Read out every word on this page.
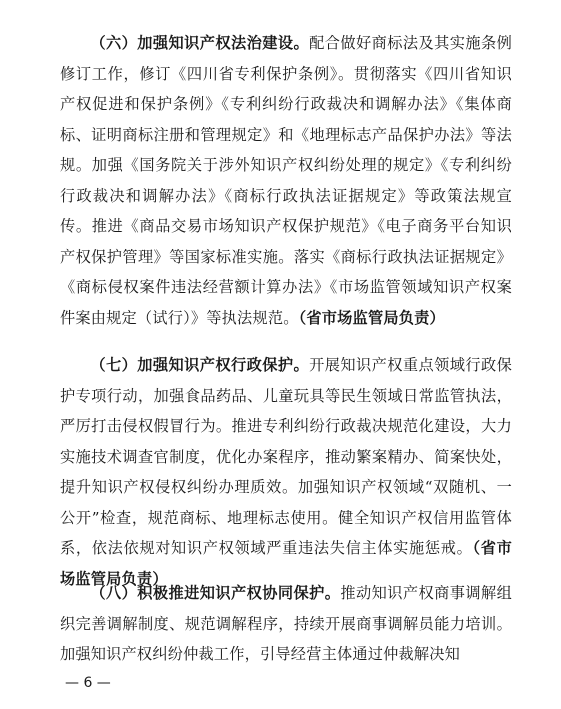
（六）加强知识产权法治建设。配合做好商标法及其实施条例修订工作，修订《四川省专利保护条例》。贯彻落实《四川省知识产权促进和保护条例》《专利纠纷行政裁决和调解办法》《集体商标、证明商标注册和管理规定》和《地理标志产品保护办法》等法规。加强《国务院关于涉外知识产权纠纷处理的规定》《专利纠纷行政裁决和调解办法》《商标行政执法证据规定》等政策法规宣传。推进《商品交易市场知识产权保护规范》《电子商务平台知识产权保护管理》等国家标准实施。落实《商标行政执法证据规定》《商标侵权案件违法经营额计算办法》《市场监管领域知识产权案件案由规定（试行）》等执法规范。（省市场监管局负责）

（七）加强知识产权行政保护。开展知识产权重点领域行政保护专项行动，加强食品药品、儿童玩具等民生领域日常监管执法，严厉打击侵权假冒行为。推进专利纠纷行政裁决规范化建设，大力实施技术调查官制度，优化办案程序，推动繁案精办、简案快处，提升知识产权侵权纠纷办理质效。加强知识产权领域“双随机、一公开”检查，规范商标、地理标志使用。健全知识产权信用监管体系，依法依规对知识产权领域严重违法失信主体实施惩戒。（省市场监管局负责）

（八）积极推进知识产权协同保护。推动知识产权商事调解组织完善调解制度、规范调解程序，持续开展商事调解员能力培训。加强知识产权纠纷仲裁工作，引导经营主体通过仲裁解决知

— 6 —
